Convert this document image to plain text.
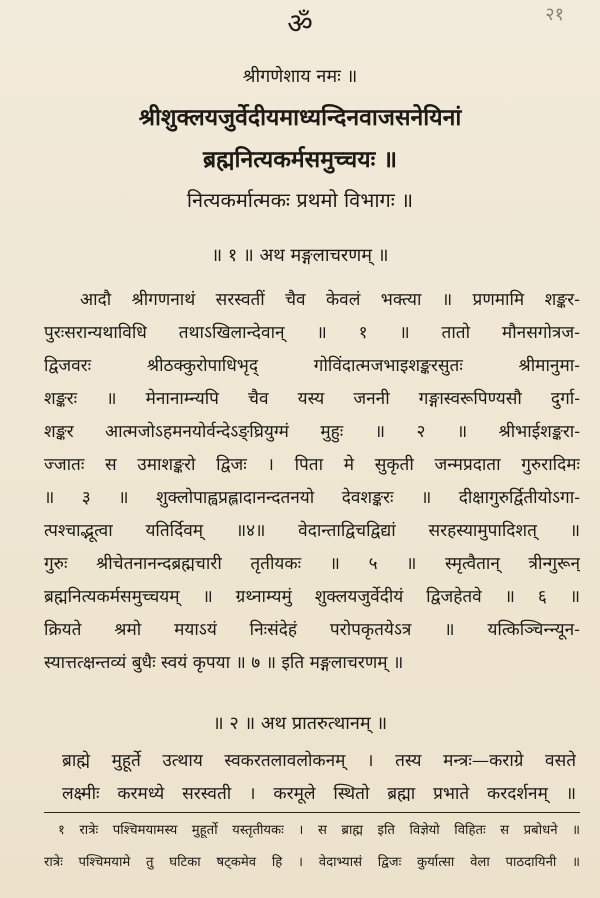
ॐ	२१
श्रीगणेशाय नमः ॥
श्रीशुक्लयजुर्वेदीयमाध्यन्दिनवाजसनेयिनां
ब्रह्मनित्यकर्मसमुच्चयः ॥
नित्यकर्मात्मकः प्रथमो विभागः ॥
॥ १ ॥ अथ मङ्गलाचरणम् ॥
आदौ श्रीगणनाथं सरस्वतीं चैव केवलं भक्त्या ॥ प्रणमामि शङ्कर-
पुरःसरान्यथाविधि तथाऽखिलान्देवान् ॥ १ ॥ तातो मौनसगोत्रज-
द्विजवरः श्रीठक्कुरोपाधिभृद् गोविंदात्मजभाइशङ्करसुतः श्रीमानुमा-
शङ्करः ॥ मेनानाम्न्यपि चैव यस्य जननी गङ्गास्वरूपिण्यसौ दुर्गा-
शङ्कर आत्मजोऽहमनयोर्वन्देऽङ्घ्रियुग्मं मुहुः ॥ २ ॥ श्रीभाईशङ्करा-
ज्जातः स उमाशङ्करो द्विजः । पिता मे सुकृती जन्मप्रदाता गुरुरादिमः
॥ ३ ॥ शुक्लोपाह्वप्रह्लादानन्दतनयो देवशङ्करः ॥ दीक्षागुरुर्द्वितीयोऽगा-
त्पश्चाद्भूत्वा यतिर्दिवम् ॥४॥ वेदान्ताद्विचद्विद्यां सरहस्यामुपादिशत् ॥
गुरुः श्रीचेतनानन्दब्रह्मचारी तृतीयकः ॥ ५ ॥ स्मृत्वैतान् त्रीन्गुरून्
ब्रह्मनित्यकर्मसमुच्चयम् ॥ ग्रथ्नाम्यमुं शुक्लयजुर्वेदीयं द्विजहेतवे ॥ ६ ॥
क्रियते श्रमो मयाऽयं निःसंदेहं परोपकृतयेऽत्र ॥ यत्किञ्चिन्न्यून-
स्यात्तत्क्षन्तव्यं बुधैः स्वयं कृपया ॥ ७ ॥ इति मङ्गलाचरणम् ॥
॥ २ ॥ अथ प्रातरुत्थानम् ॥
ब्राह्मे मुहूर्ते उत्थाय स्वकरतलावलोकनम् । तस्य मन्त्रः—कराग्रे वसते
लक्ष्मीः करमध्ये सरस्वती । करमूले स्थितो ब्रह्मा प्रभाते करदर्शनम् ॥
१ रात्रेः पश्चिमयामस्य मुहूर्तो यस्तृतीयकः । स ब्राह्म इति विज्ञेयो विहितः स प्रबोधने ॥
रात्रेः पश्चिमयामे तु घटिका षट्कमेव हि । वेदाभ्यासं द्विजः कुर्यात्सा वेला पाठदायिनी ॥
